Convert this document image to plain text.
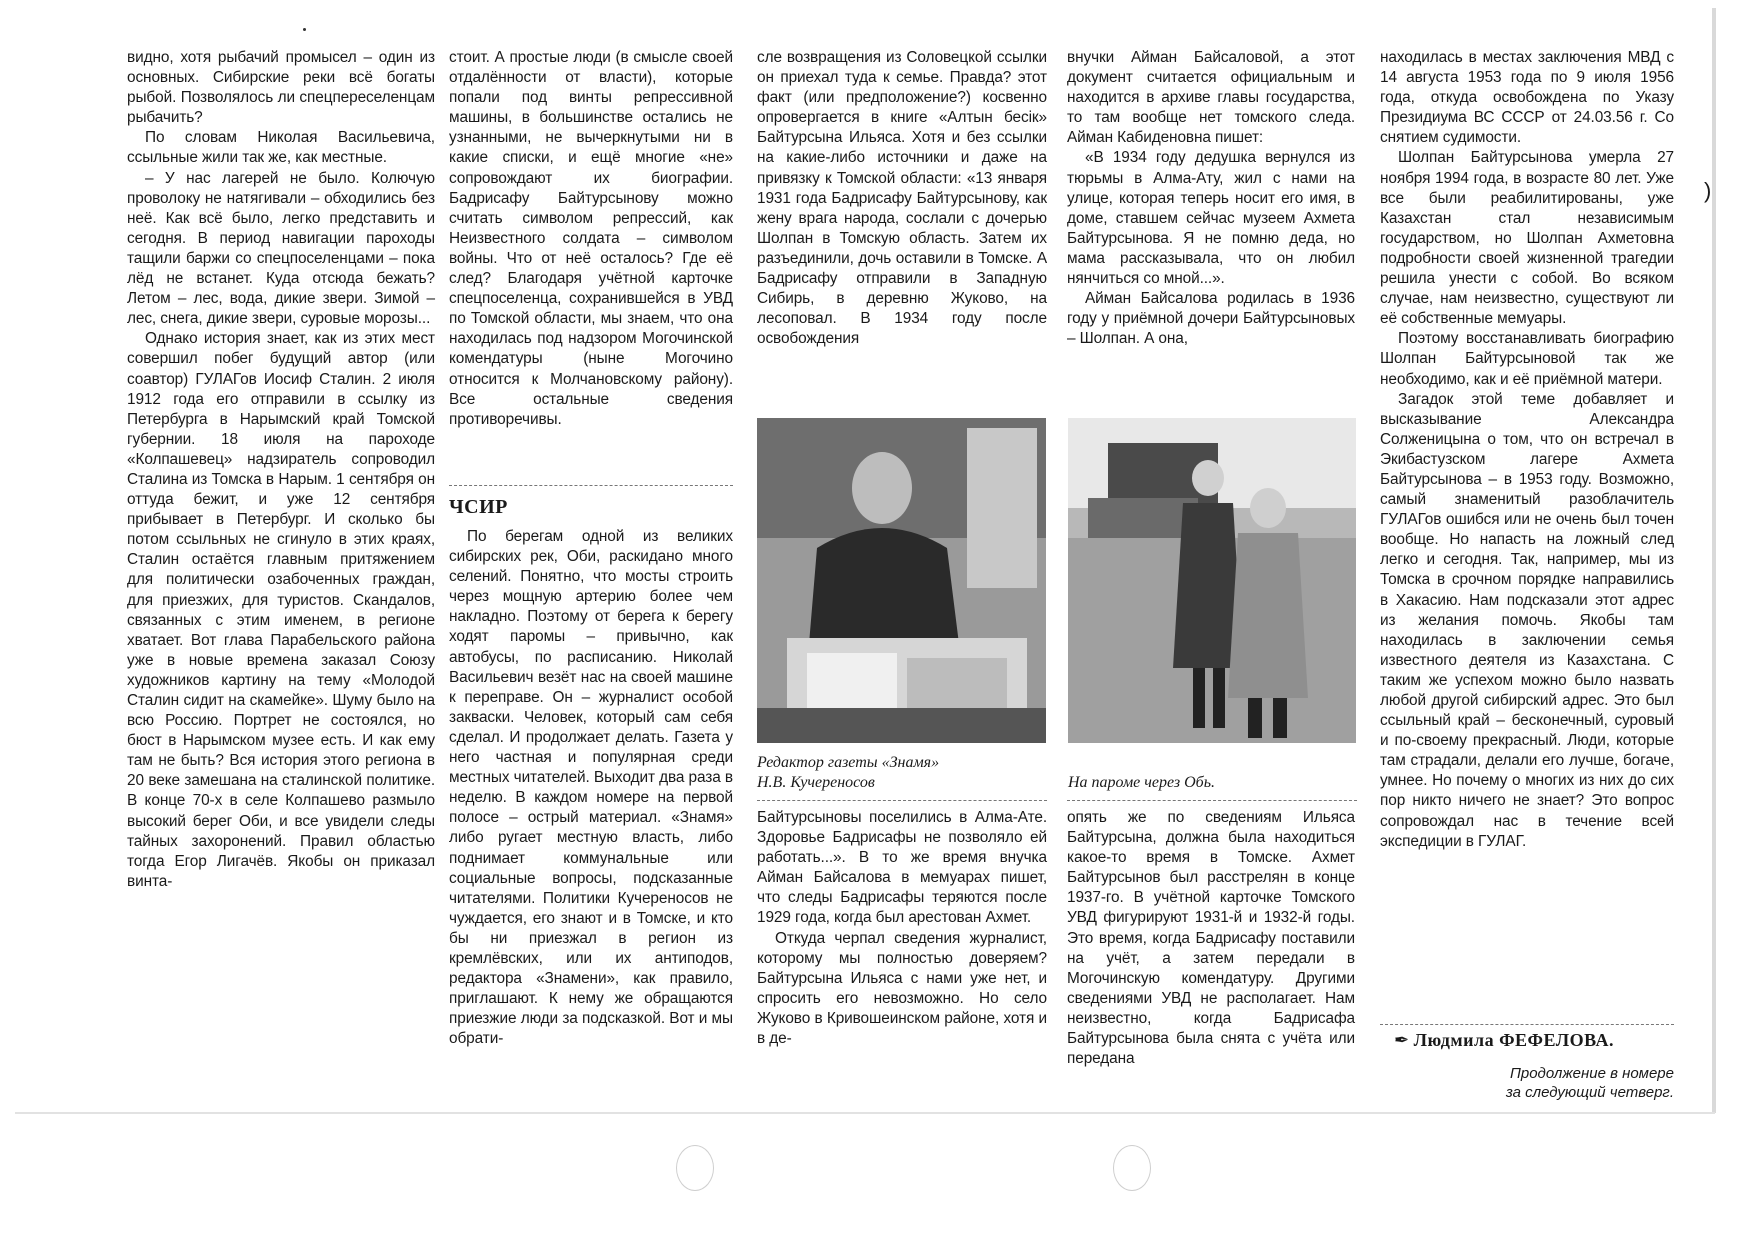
)

видно, хотя рыбачий промысел – один из основных. Сибирские реки всё богаты рыбой. Позволялось ли спецпереселенцам рыбачить?

По словам Николая Васильевича, ссыльные жили так же, как местные.

– У нас лагерей не было. Колючую проволоку не натягивали – обходились без неё. Как всё было, легко представить и сегодня. В период навигации пароходы тащили баржи со спецпоселенцами – пока лёд не встанет. Куда отсюда бежать? Летом – лес, вода, дикие звери. Зимой – лес, снега, дикие звери, суровые морозы...

Однако история знает, как из этих мест совершил побег будущий автор (или соавтор) ГУЛАГов Иосиф Сталин. 2 июля 1912 года его отправили в ссылку из Петербурга в Нарымский край Томской губернии. 18 июля на пароходе «Колпашевец» надзиратель сопроводил Сталина из Томска в Нарым. 1 сентября он оттуда бежит, и уже 12 сентября прибывает в Петербург. И сколько бы потом ссыльных не сгинуло в этих краях, Сталин остаётся главным притяжением для политически озабоченных граждан, для приезжих, для туристов. Скандалов, связанных с этим именем, в регионе хватает. Вот глава Парабельского района уже в новые времена заказал Союзу художников картину на тему «Молодой Сталин сидит на скамейке». Шуму было на всю Россию. Портрет не состоялся, но бюст в Нарымском музее есть. И как ему там не быть? Вся история этого региона в 20 веке замешана на сталинской политике. В конце 70-х в селе Колпашево размыло высокий берег Оби, и все увидели следы тайных захоронений. Правил областью тогда Егор Лигачёв. Якобы он приказал винта-

стоит. А простые люди (в смысле своей отдалённости от власти), которые попали под винты репрессивной машины, в большинстве остались не узнанными, не вычеркнутыми ни в какие списки, и ещё многие «не» сопровождают их биографии. Бадрисафу Байтурсынову можно считать символом репрессий, как Неизвестного солдата – символом войны. Что от неё осталось? Где её след? Благодаря учётной карточке спецпоселенца, сохранившейся в УВД по Томской области, мы знаем, что она находилась под надзором Могочинской комендатуры (ныне Могочино относится к Молчановскому району). Все остальные сведения противоречивы.

ЧСИР

По берегам одной из великих сибирских рек, Оби, раскидано много селений. Понятно, что мосты строить через мощную артерию более чем накладно. Поэтому от берега к берегу ходят паромы – привычно, как автобусы, по расписанию. Николай Васильевич везёт нас на своей машине к переправе. Он – журналист особой закваски. Человек, который сам себя сделал. И продолжает делать. Газета у него частная и популярная среди местных читателей. Выходит два раза в неделю. В каждом номере на первой полосе – острый материал. «Знамя» либо ругает местную власть, либо поднимает коммунальные или социальные вопросы, подсказанные читателями. Политики Кучереносов не чуждается, его знают и в Томске, и кто бы ни приезжал в регион из кремлёвских, или их антиподов, редактора «Знамени», как правило, приглашают. К нему же обращаются приезжие люди за подсказкой. Вот и мы обрати-

сле возвращения из Соловецкой ссылки он приехал туда к семье. Правда? этот факт (или предположение?) косвенно опровергается в книге «Алтын бесік» Байтурсына Ильяса. Хотя и без ссылки на какие-либо источники и даже на привязку к Томской области: «13 января 1931 года Бадрисафу Байтурсынову, как жену врага народа, сослали с дочерью Шолпан в Томскую область. Затем их разъединили, дочь оставили в Томске. А Бадрисафу отправили в Западную Сибирь, в деревню Жуково, на лесоповал. В 1934 году после освобождения

Редактор газеты «Знамя»
Н.В. Кучереносов

Байтурсыновы поселились в Алма-Ате. Здоровье Бадрисафы не позволяло ей работать...». В то же время внучка Айман Байсалова в мемуарах пишет, что следы Бадрисафы теряются после 1929 года, когда был арестован Ахмет.

Откуда черпал сведения журналист, которому мы полностью доверяем? Байтурсына Ильяса с нами уже нет, и спросить его невозможно. Но село Жуково в Кривошеинском районе, хотя и в де-

внучки Айман Байсаловой, а этот документ считается официальным и находится в архиве главы государства, то там вообще нет томского следа. Айман Кабиденовна пишет:

«В 1934 году дедушка вернулся из тюрьмы в Алма-Ату, жил с нами на улице, которая теперь носит его имя, в доме, ставшем сейчас музеем Ахмета Байтурсынова. Я не помню деда, но мама рассказывала, что он любил нянчиться со мной...».

Айман Байсалова родилась в 1936 году у приёмной дочери Байтурсыновых – Шолпан. А она,

На пароме через Обь.

опять же по сведениям Ильяса Байтурсына, должна была находиться какое-то время в Томске. Ахмет Байтурсынов был расстрелян в конце 1937-го. В учётной карточке Томского УВД фигурируют 1931-й и 1932-й годы. Это время, когда Бадрисафу поставили на учёт, а затем передали в Могочинскую комендатуру. Другими сведениями УВД не располагает. Нам неизвестно, когда Бадрисафа Байтурсынова была снята с учёта или передана

находилась в местах заключения МВД с 14 августа 1953 года по 9 июля 1956 года, откуда освобождена по Указу Президиума ВС СССР от 24.03.56 г. Со снятием судимости.

Шолпан Байтурсынова умерла 27 ноября 1994 года, в возрасте 80 лет. Уже все были реабилитированы, уже Казахстан стал независимым государством, но Шолпан Ахметовна подробности своей жизненной трагедии решила унести с собой. Во всяком случае, нам неизвестно, существуют ли её собственные мемуары.

Поэтому восстанавливать биографию Шолпан Байтурсыновой так же необходимо, как и её приёмной матери.

Загадок этой теме добавляет и высказывание Александра Солженицына о том, что он встречал в Экибастузском лагере Ахмета Байтурсынова – в 1953 году. Возможно, самый знаменитый разоблачитель ГУЛАГов ошибся или не очень был точен вообще. Но напасть на ложный след легко и сегодня. Так, например, мы из Томска в срочном порядке направились в Хакасию. Нам подсказали этот адрес из желания помочь. Якобы там находилась в заключении семья известного деятеля из Казахстана. С таким же успехом можно было назвать любой другой сибирский адрес. Это был ссыльный край – бесконечный, суровый и по-своему прекрасный. Люди, которые там страдали, делали его лучше, богаче, умнее. Но почему о многих из них до сих пор никто ничего не знает? Это вопрос сопровождал нас в течение всей экспедиции в ГУЛАГ.

✒ Людмила ФЕФЕЛОВА.
Продолжение в номере
за следующий четверг.
